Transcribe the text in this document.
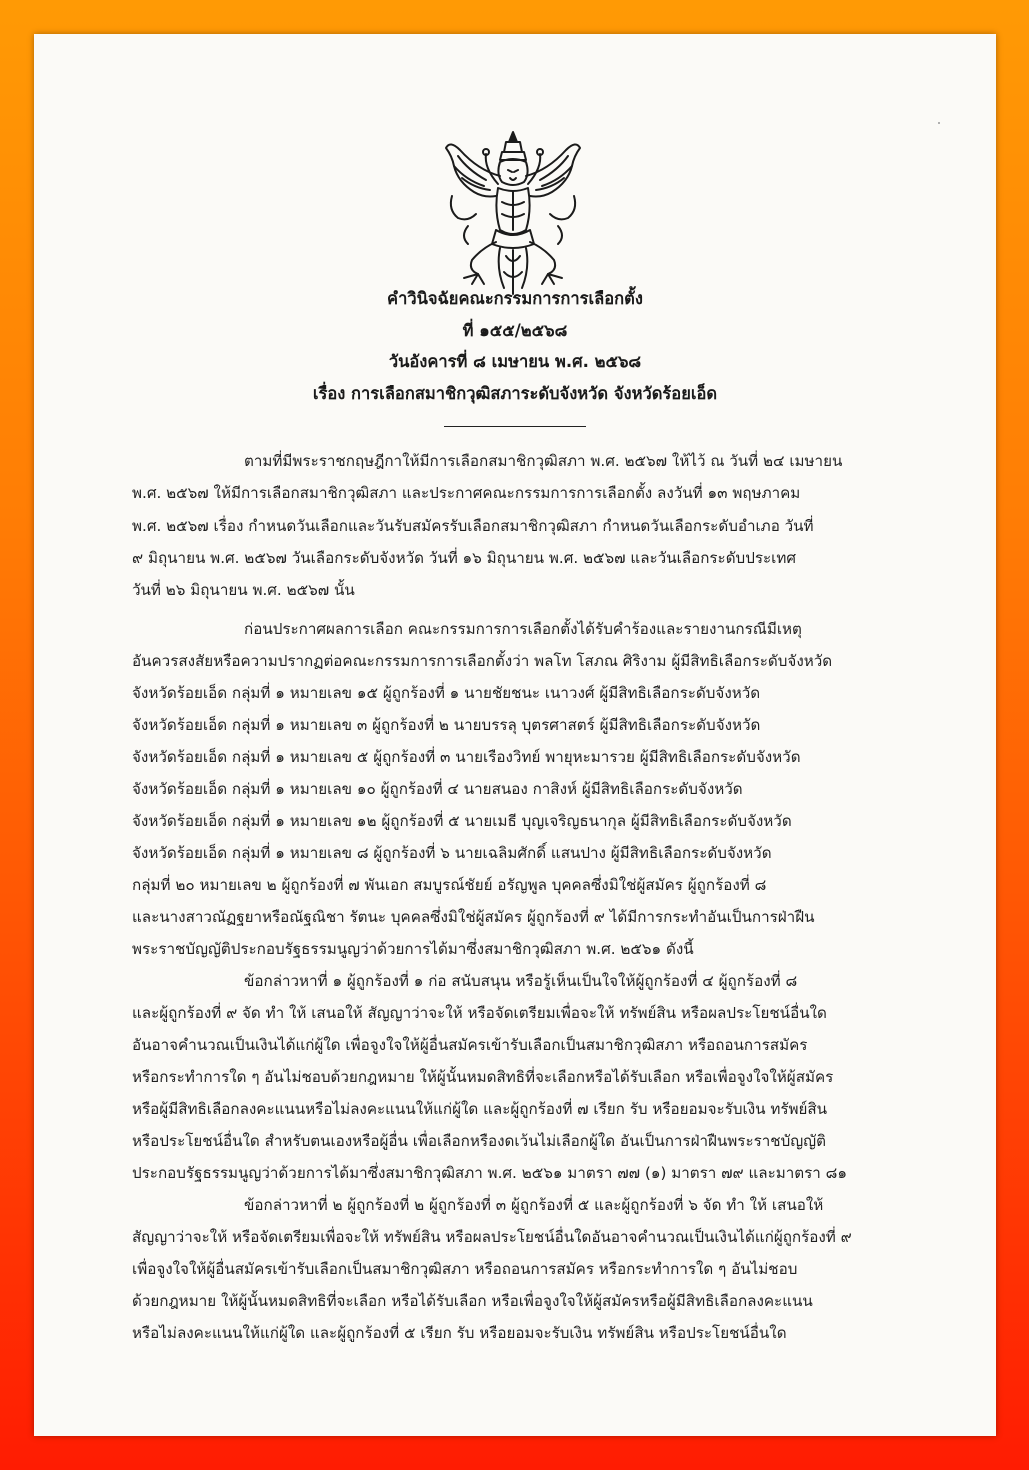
คำวินิจฉัยคณะกรรมการการเลือกตั้ง
ที่ ๑๕๕/๒๕๖๘
วันอังคารที่ ๘ เมษายน พ.ศ. ๒๕๖๘
เรื่อง การเลือกสมาชิกวุฒิสภาระดับจังหวัด จังหวัดร้อยเอ็ด
ตามที่มีพระราชกฤษฎีกาให้มีการเลือกสมาชิกวุฒิสภา พ.ศ. ๒๕๖๗ ให้ไว้ ณ วันที่ ๒๔ เมษายน
พ.ศ. ๒๕๖๗ ให้มีการเลือกสมาชิกวุฒิสภา และประกาศคณะกรรมการการเลือกตั้ง ลงวันที่ ๑๓ พฤษภาคม
พ.ศ. ๒๕๖๗ เรื่อง กำหนดวันเลือกและวันรับสมัครรับเลือกสมาชิกวุฒิสภา กำหนดวันเลือกระดับอำเภอ วันที่
๙ มิถุนายน พ.ศ. ๒๕๖๗ วันเลือกระดับจังหวัด วันที่ ๑๖ มิถุนายน พ.ศ. ๒๕๖๗ และวันเลือกระดับประเทศ
วันที่ ๒๖ มิถุนายน พ.ศ. ๒๕๖๗ นั้น
ก่อนประกาศผลการเลือก คณะกรรมการการเลือกตั้งได้รับคำร้องและรายงานกรณีมีเหตุ
อันควรสงสัยหรือความปรากฏต่อคณะกรรมการการเลือกตั้งว่า พลโท โสภณ ศิริงาม ผู้มีสิทธิเลือกระดับจังหวัด
จังหวัดร้อยเอ็ด กลุ่มที่ ๑ หมายเลข ๑๕ ผู้ถูกร้องที่ ๑ นายชัยชนะ เนาวงศ์ ผู้มีสิทธิเลือกระดับจังหวัด
จังหวัดร้อยเอ็ด กลุ่มที่ ๑ หมายเลข ๓ ผู้ถูกร้องที่ ๒ นายบรรลุ บุตรศาสตร์ ผู้มีสิทธิเลือกระดับจังหวัด
จังหวัดร้อยเอ็ด กลุ่มที่ ๑ หมายเลข ๕ ผู้ถูกร้องที่ ๓ นายเรืองวิทย์ พายุหะมารวย ผู้มีสิทธิเลือกระดับจังหวัด
จังหวัดร้อยเอ็ด กลุ่มที่ ๑ หมายเลข ๑๐ ผู้ถูกร้องที่ ๔ นายสนอง กาสิงห์ ผู้มีสิทธิเลือกระดับจังหวัด
จังหวัดร้อยเอ็ด กลุ่มที่ ๑ หมายเลข ๑๒ ผู้ถูกร้องที่ ๕ นายเมธี บุญเจริญธนากุล ผู้มีสิทธิเลือกระดับจังหวัด
จังหวัดร้อยเอ็ด กลุ่มที่ ๑ หมายเลข ๘ ผู้ถูกร้องที่ ๖ นายเฉลิมศักดิ์ แสนปาง ผู้มีสิทธิเลือกระดับจังหวัด
กลุ่มที่ ๒๐ หมายเลข ๒ ผู้ถูกร้องที่ ๗ พันเอก สมบูรณ์ชัยย์ อรัญพูล บุคคลซึ่งมิใช่ผู้สมัคร ผู้ถูกร้องที่ ๘
และนางสาวณัฏฐยาหรือณัฐณิชา รัตนะ บุคคลซึ่งมิใช่ผู้สมัคร ผู้ถูกร้องที่ ๙ ได้มีการกระทำอันเป็นการฝ่าฝืน
พระราชบัญญัติประกอบรัฐธรรมนูญว่าด้วยการได้มาซึ่งสมาชิกวุฒิสภา พ.ศ. ๒๕๖๑ ดังนี้
ข้อกล่าวหาที่ ๑ ผู้ถูกร้องที่ ๑ ก่อ สนับสนุน หรือรู้เห็นเป็นใจให้ผู้ถูกร้องที่ ๔ ผู้ถูกร้องที่ ๘
และผู้ถูกร้องที่ ๙ จัด ทำ ให้ เสนอให้ สัญญาว่าจะให้ หรือจัดเตรียมเพื่อจะให้ ทรัพย์สิน หรือผลประโยชน์อื่นใด
อันอาจคำนวณเป็นเงินได้แก่ผู้ใด เพื่อจูงใจให้ผู้อื่นสมัครเข้ารับเลือกเป็นสมาชิกวุฒิสภา หรือถอนการสมัคร
หรือกระทำการใด ๆ อันไม่ชอบด้วยกฎหมาย ให้ผู้นั้นหมดสิทธิที่จะเลือกหรือได้รับเลือก หรือเพื่อจูงใจให้ผู้สมัคร
หรือผู้มีสิทธิเลือกลงคะแนนหรือไม่ลงคะแนนให้แก่ผู้ใด และผู้ถูกร้องที่ ๗ เรียก รับ หรือยอมจะรับเงิน ทรัพย์สิน
หรือประโยชน์อื่นใด สำหรับตนเองหรือผู้อื่น เพื่อเลือกหรืองดเว้นไม่เลือกผู้ใด อันเป็นการฝ่าฝืนพระราชบัญญัติ
ประกอบรัฐธรรมนูญว่าด้วยการได้มาซึ่งสมาชิกวุฒิสภา พ.ศ. ๒๕๖๑ มาตรา ๗๗ (๑) มาตรา ๗๙ และมาตรา ๘๑
ข้อกล่าวหาที่ ๒ ผู้ถูกร้องที่ ๒ ผู้ถูกร้องที่ ๓ ผู้ถูกร้องที่ ๕ และผู้ถูกร้องที่ ๖ จัด ทำ ให้ เสนอให้
สัญญาว่าจะให้ หรือจัดเตรียมเพื่อจะให้ ทรัพย์สิน หรือผลประโยชน์อื่นใดอันอาจคำนวณเป็นเงินได้แก่ผู้ถูกร้องที่ ๙
เพื่อจูงใจให้ผู้อื่นสมัครเข้ารับเลือกเป็นสมาชิกวุฒิสภา หรือถอนการสมัคร หรือกระทำการใด ๆ อันไม่ชอบ
ด้วยกฎหมาย ให้ผู้นั้นหมดสิทธิที่จะเลือก หรือได้รับเลือก หรือเพื่อจูงใจให้ผู้สมัครหรือผู้มีสิทธิเลือกลงคะแนน
หรือไม่ลงคะแนนให้แก่ผู้ใด และผู้ถูกร้องที่ ๕ เรียก รับ หรือยอมจะรับเงิน ทรัพย์สิน หรือประโยชน์อื่นใด
